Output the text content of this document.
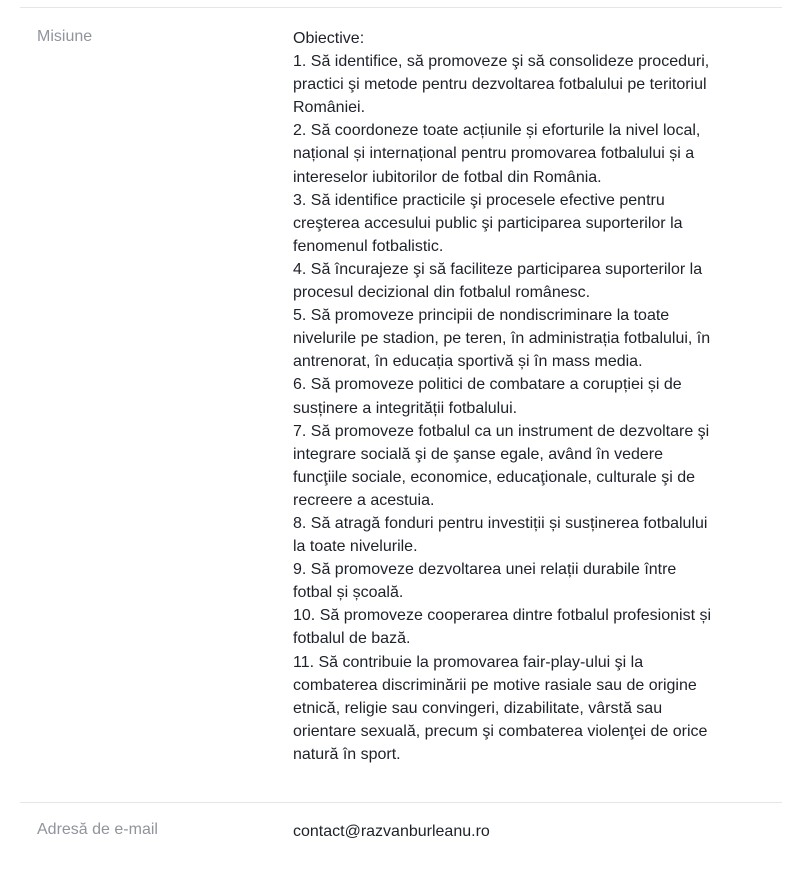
Misiune	Obiective:
1. Să identifice, să promoveze şi să consolideze proceduri,
practici şi metode pentru dezvoltarea fotbalului pe teritoriul
României.
2. Să coordoneze toate acțiunile și eforturile la nivel local,
național și internațional pentru promovarea fotbalului și a
intereselor iubitorilor de fotbal din România.
3. Să identifice practicile şi procesele efective pentru
creşterea accesului public şi participarea suporterilor la
fenomenul fotbalistic.
4. Să încurajeze şi să faciliteze participarea suporterilor la
procesul decizional din fotbalul românesc.
5. Să promoveze principii de nondiscriminare la toate
nivelurile pe stadion, pe teren, în administrația fotbalului, în
antrenorat, în educația sportivă și în mass media.
6. Să promoveze politici de combatare a corupției și de
susținere a integrității fotbalului.
7. Să promoveze fotbalul ca un instrument de dezvoltare şi
integrare socială şi de şanse egale, având în vedere
funcţiile sociale, economice, educaţionale, culturale şi de
recreere a acestuia.
8. Să atragă fonduri pentru investiții și susținerea fotbalului
la toate nivelurile.
9. Să promoveze dezvoltarea unei relații durabile între
fotbal și școală.
10. Să promoveze cooperarea dintre fotbalul profesionist și
fotbalul de bază.
11. Să contribuie la promovarea fair-play-ului şi la
combaterea discriminării pe motive rasiale sau de origine
etnică, religie sau convingeri, dizabilitate, vârstă sau
orientare sexuală, precum şi combaterea violenţei de orice
natură în sport.
Adresă de e-mail	contact@razvanburleanu.ro
